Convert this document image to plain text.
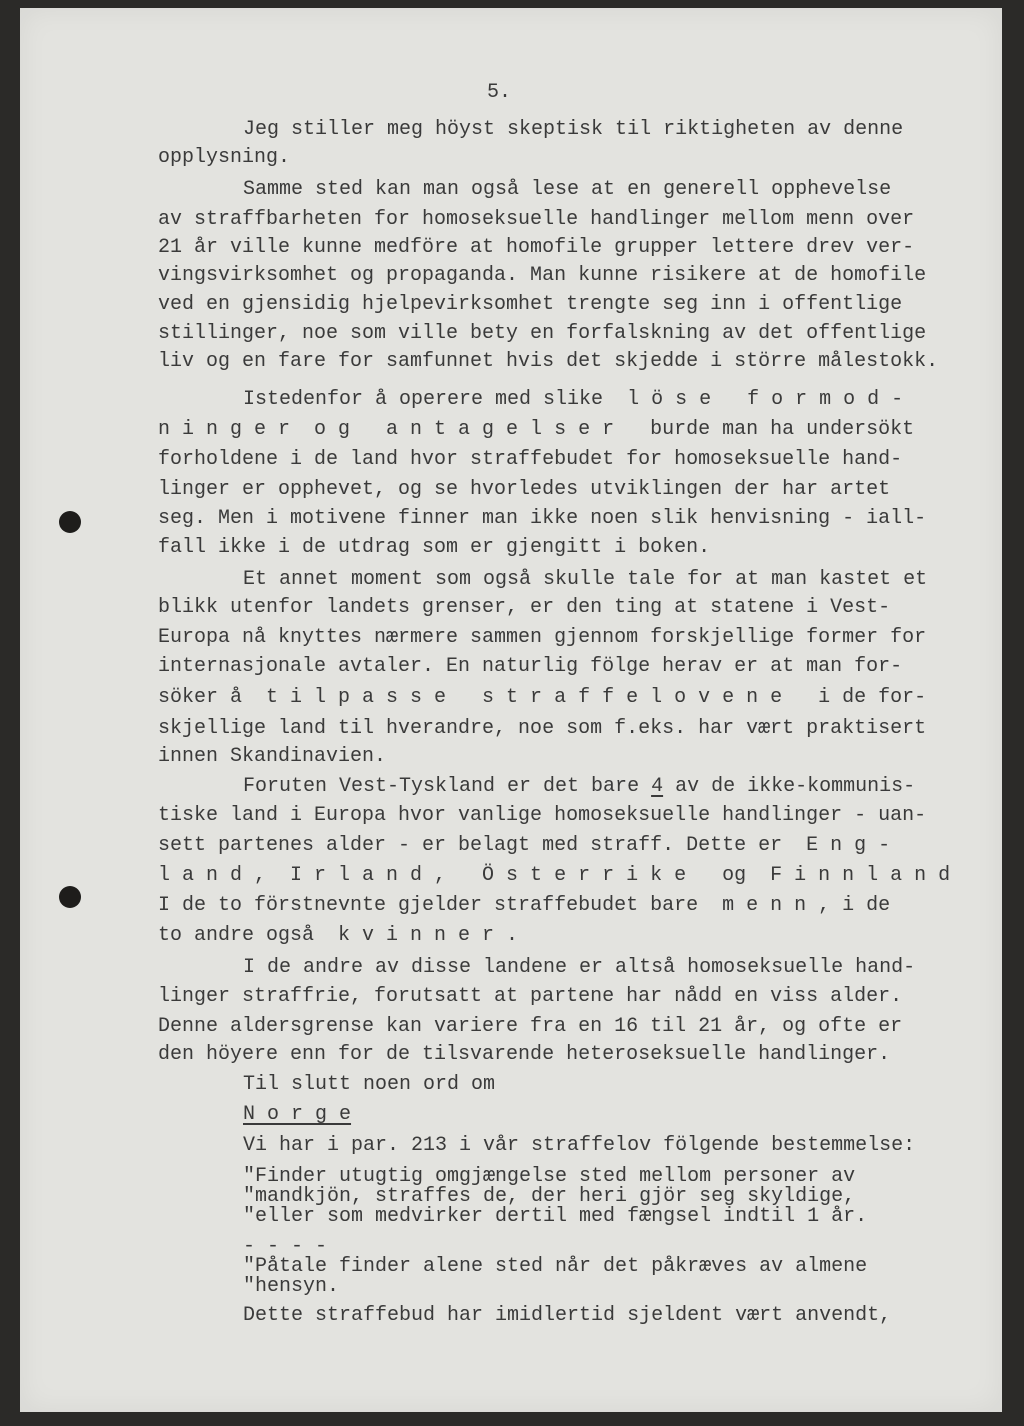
5.
Jeg stiller meg höyst skeptisk til riktigheten av denne
opplysning.
Samme sted kan man også lese at en generell opphevelse
av straffbarheten for homoseksuelle handlinger mellom menn over
21 år ville kunne medföre at homofile grupper lettere drev ver-
vingsvirksomhet og propaganda. Man kunne risikere at de homofile
ved en gjensidig hjelpevirksomhet trengte seg inn i offentlige
stillinger, noe som ville bety en forfalskning av det offentlige
liv og en fare for samfunnet hvis det skjedde i större målestokk.
Istedenfor å operere med slike  l ö s e   f o r m o d -
n i n g e r  o g   a n t a g e l s e r   burde man ha undersökt
forholdene i de land hvor straffebudet for homoseksuelle hand-
linger er opphevet, og se hvorledes utviklingen der har artet
seg. Men i motivene finner man ikke noen slik henvisning - iall-
fall ikke i de utdrag som er gjengitt i boken.
Et annet moment som også skulle tale for at man kastet et
blikk utenfor landets grenser, er den ting at statene i Vest-
Europa nå knyttes nærmere sammen gjennom forskjellige former for
internasjonale avtaler. En naturlig fölge herav er at man for-
söker å  t i l p a s s e   s t r a f f e l o v e n e   i de for-
skjellige land til hverandre, noe som f.eks. har vært praktisert
innen Skandinavien.
Foruten Vest-Tyskland er det bare 4 av de ikke-kommunis-
tiske land i Europa hvor vanlige homoseksuelle handlinger - uan-
sett partenes alder - er belagt med straff. Dette er  E n g -
l a n d ,  I r l a n d ,   Ö s t e r r i k e   og  F i n n l a n d
I de to förstnevnte gjelder straffebudet bare  m e n n , i de
to andre også  k v i n n e r .
I de andre av disse landene er altså homoseksuelle hand-
linger straffrie, forutsatt at partene har nådd en viss alder.
Denne aldersgrense kan variere fra en 16 til 21 år, og ofte er
den höyere enn for de tilsvarende heteroseksuelle handlinger.
Til slutt noen ord om
N o r g e
Vi har i par. 213 i vår straffelov fölgende bestemmelse:
"Finder utugtig omgjængelse sted mellom personer av
"mandkjön, straffes de, der heri gjör seg skyldige,
"eller som medvirker dertil med fængsel indtil 1 år.
- - - -
"Påtale finder alene sted når det påkræves av almene
"hensyn.
Dette straffebud har imidlertid sjeldent vært anvendt,
